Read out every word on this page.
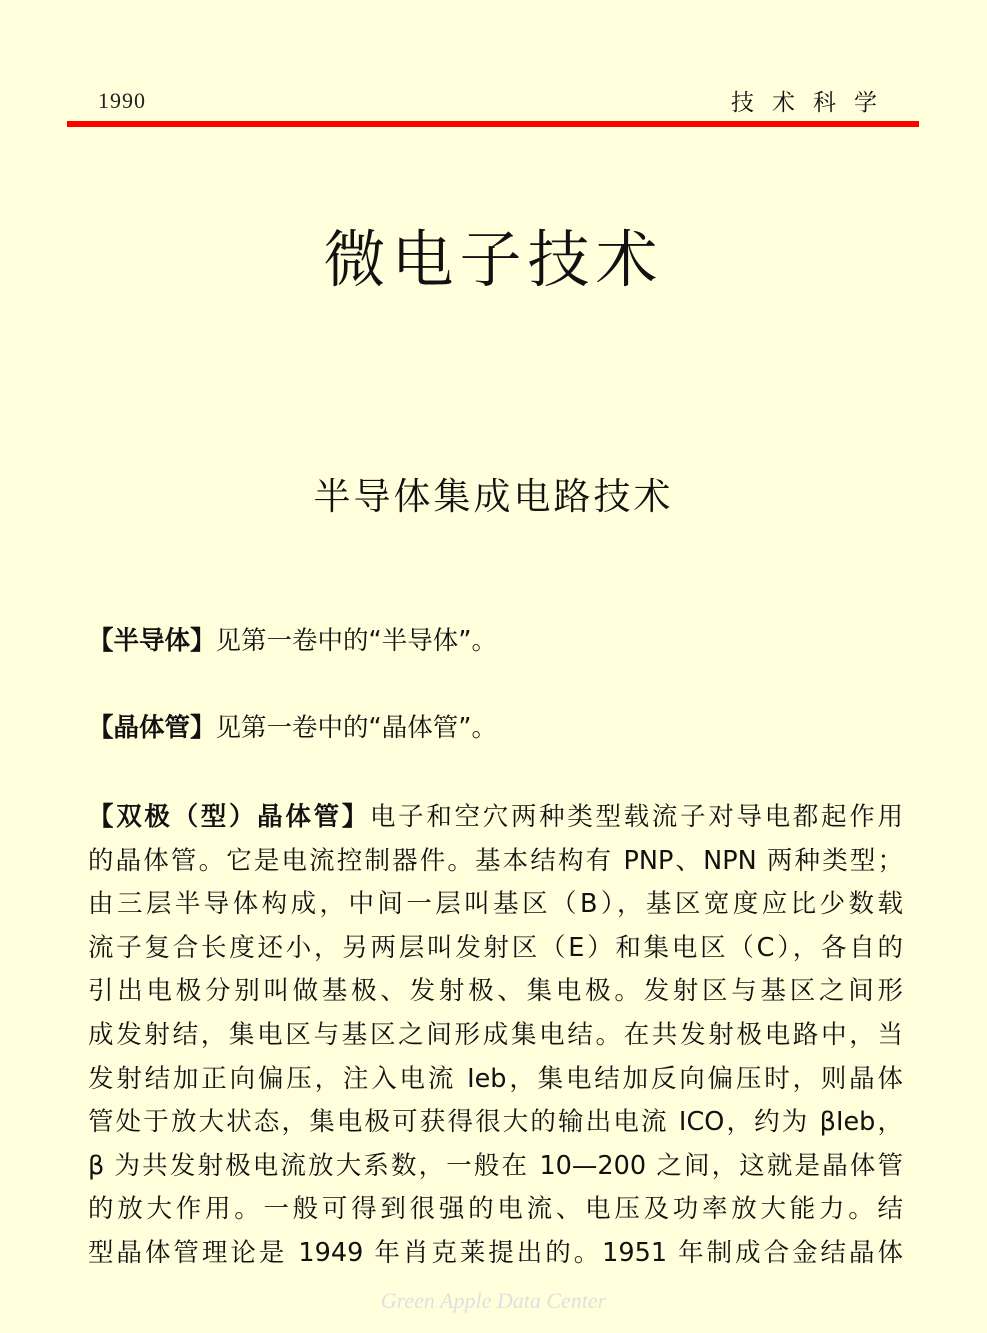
1990	技术科学
微电子技术
半导体集成电路技术
【半导体】见第一卷中的“半导体”。
【晶体管】见第一卷中的“晶体管”。
【双极（型）晶体管】电子和空穴两种类型载流子对导电都起作用
的晶体管。它是电流控制器件。基本结构有 PNP、NPN 两种类型；
由三层半导体构成，中间一层叫基区（B），基区宽度应比少数载
流子复合长度还小，另两层叫发射区（E）和集电区（C），各自的
引出电极分别叫做基极、发射极、集电极。发射区与基区之间形
成发射结，集电区与基区之间形成集电结。在共发射极电路中，当
发射结加正向偏压，注入电流 Ieb，集电结加反向偏压时，则晶体
管处于放大状态，集电极可获得很大的输出电流 ICO，约为 βIeb，
β 为共发射极电流放大系数，一般在 10—200 之间，这就是晶体管
的放大作用。一般可得到很强的电流、电压及功率放大能力。结
型晶体管理论是 1949 年肖克莱提出的。1951 年制成合金结晶体
Green Apple Data Center
